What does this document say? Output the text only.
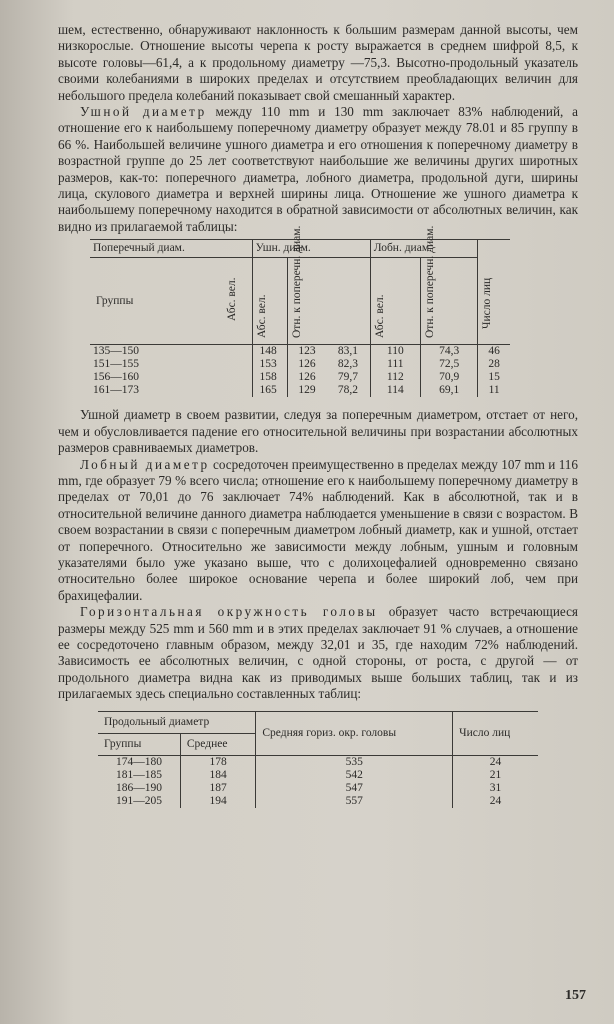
шем, естественно, обнаруживают наклонность к большим размерам данной высоты, чем низкорослые. Отношение высоты черепа к росту выражается в среднем шифрой 8,5, к высоте головы—61,4, а к продольному диаметру —75,3. Высотно-продольный указатель своими колебаниями в широких пределах и отсутствием преобладающих величин для небольшого предела колебаний показывает свой смешанный характер.

Ушной диаметр между 110 mm и 130 mm заключает 83% наблюдений, а отношение его к наибольшему поперечному диаметру образует между 78.01 и 85 группу в 66 %. Наибольшей величине ушного диаметра и его отношения к поперечному диаметру в возрастной группе до 25 лет соответствуют наибольшие же величины других широтных размеров, как-то: поперечного диаметра, лобного диаметра, продольной дуги, ширины лица, скулового диаметра и верхней ширины лица. Отношение же ушного диаметра к наибольшему поперечному находится в обратной зависимости от абсолютных величин, как видно из прилагаемой таблицы:

Поперечный диам.	Ушн. диам.	Лобн. диам.	Число лиц

Группы	Абс. вел.
	Абс. вел.	Отн. к поперечн. диам.	Абс. вел.	Отн. к поперечн. диам.
135—150	148	123	83,1	110	74,3	46
151—155	153	126	82,3	111	72,5	28
156—160	158	126	79,7	112	70,9	15
161—173	165	129	78,2	114	69,1	11

Ушной диаметр в своем развитии, следуя за поперечным диаметром, отстает от него, чем и обусловливается падение его относительной величины при возрастании абсолютных размеров сравниваемых диаметров.

Лобный диаметр сосредоточен преимущественно в пределах между 107 mm и 116 mm, где образует 79 % всего числа; отношение его к наибольшему поперечному диаметру в пределах от 70,01 до 76 заключает 74% наблюдений. Как в абсолютной, так и в относительной величине данного диаметра наблюдается уменьшение в связи с возрастом. В своем возрастании в связи с поперечным диаметром лобный диаметр, как и ушной, отстает от поперечного. Относительно же зависимости между лобным, ушным и головным указателями было уже указано выше, что с долихоцефалией одновременно связано относительно более широкое основание черепа и более широкий лоб, чем при брахицефалии.

Горизонтальная окружность головы образует часто встречающиеся размеры между 525 mm и 560 mm и в этих пределах заключает 91 % случаев, а отношение ее сосредоточено главным образом, между 32,01 и 35, где находим 72% наблюдений. Зависимость ее абсолютных величин, с одной стороны, от роста, с другой — от продольного диаметра видна как из приводимых выше больших таблиц, так и из прилагаемых здесь специально составленных таблиц:

Продольный диаметр		Средняя гориз. окр. головы	Число лиц
Группы	Среднее		
174—180	178	535	24
181—185	184	542	21
186—190	187	547	31
191—205	194	557	24
157
